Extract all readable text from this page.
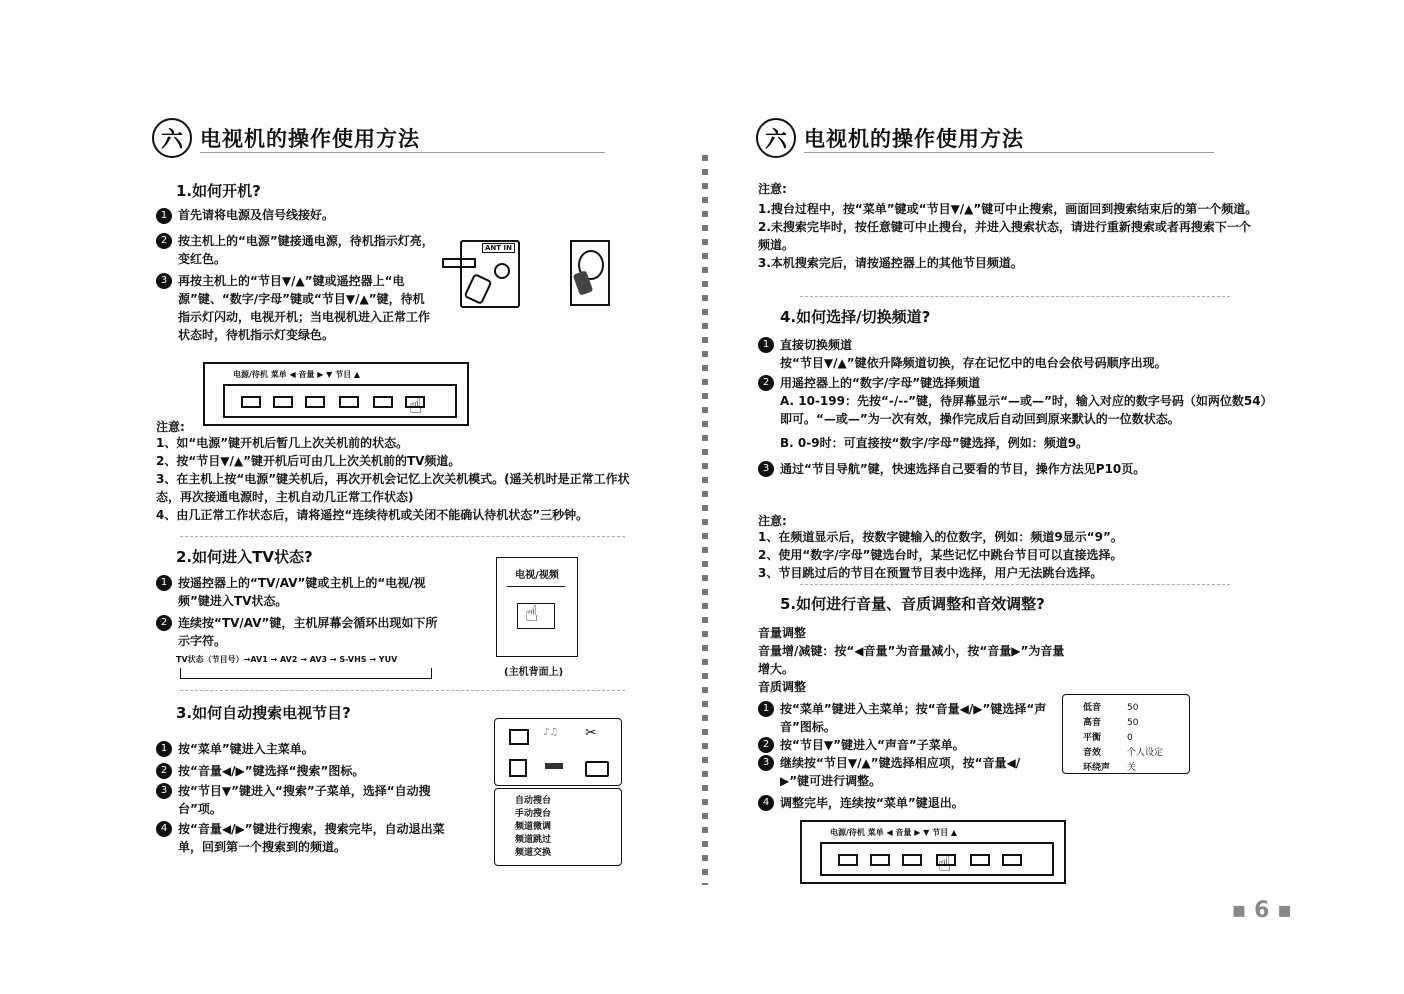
六 电视机的操作使用方法
1.如何开机?
1 首先请将电源及信号线接好。
2 按主机上的“电源”键接通电源，待机指示灯亮，变红色。
3 再按主机上的“节目▼/▲”键或遥控器上“电源”键、“数字/字母”键或“节目▼/▲”键，待机指示灯闪动，电视开机；当电视机进入正常工作状态时，待机指示灯变绿色。
ANT IN
电源/待机 菜单 ◀ 音量 ▶ ▼ 节目 ▲
☝
注意:
1、如“电源”键开机后暂几上次关机前的状态。
2、按“节目▼/▲”键开机后可由几上次关机前的TV频道。
3、在主机上按“电源”键关机后，再次开机会记忆上次关机模式。(遥关机时是正常工作状态，再次接通电源时，主机自动几正常工作状态)
4、由几正常工作状态后，请将遥控“连续待机或关闭不能确认待机状态”三秒钟。
2.如何进入TV状态?
1 按遥控器上的“TV/AV”键或主机上的“电视/视频”键进入TV状态。
2 连续按“TV/AV”键，主机屏幕会循环出现如下所示字符。
TV状态（节目号）→AV1 → AV2 → AV3 → S-VHS → YUV
电视/视频
☝
(主机背面上)
3.如何自动搜索电视节目?
1 按“菜单”键进入主菜单。
2 按“音量◀/▶”键选择“搜索”图标。
3 按“节目▼”键进入“搜索”子菜单，选择“自动搜台”项。
4 按“音量◀/▶”键进行搜索，搜索完毕，自动退出菜单，回到第一个搜索到的频道。
♪♫ ✂
自动搜台
手动搜台
频道微调
频道跳过
频道交换
六 电视机的操作使用方法
注意:
1.搜台过程中，按“菜单”键或“节目▼/▲”键可中止搜索，画面回到搜索结束后的第一个频道。
2.未搜索完毕时，按任意键可中止搜台，并进入搜索状态，请进行重新搜索或者再搜索下一个频道。
3.本机搜索完后，请按遥控器上的其他节目频道。
4.如何选择/切换频道?
1 直接切换频道
按“节目▼/▲”键依升降频道切换，存在记忆中的电台会依号码顺序出现。
2 用遥控器上的“数字/字母”键选择频道
A. 10-199：先按“-/--”键，待屏幕显示“—或—”时，输入对应的数字号码（如两位数54）即可。“—或—”为一次有效，操作完成后自动回到原来默认的一位数状态。
B. 0-9时：可直接按“数字/字母”键选择，例如：频道9。
3 通过“节目导航”键，快速选择自己要看的节目，操作方法见P10页。
注意:
1、在频道显示后，按数字键输入的位数字，例如：频道9显示“9”。
2、使用“数字/字母”键选台时，某些记忆中跳台节目可以直接选择。
3、节目跳过后的节目在预置节目表中选择，用户无法跳台选择。
5.如何进行音量、音质调整和音效调整?
音量调整
音量增/减键：按“◀音量”为音量减小，按“音量▶”为音量增大。
音质调整
1 按“菜单”键进入主菜单；按“音量◀/▶”键选择“声音”图标。
2 按“节目▼”键进入“声音”子菜单。
3 继续按“节目▼/▲”键选择相应项，按“音量◀/▶”键可进行调整。
4 调整完毕，连续按“菜单”键退出。
低音	50
高音	50
平衡	0
音效	个人设定
环绕声 关
电源/待机 菜单 ◀ 音量 ▶ ▼ 节目 ▲
☝
▪ 6 ▪
